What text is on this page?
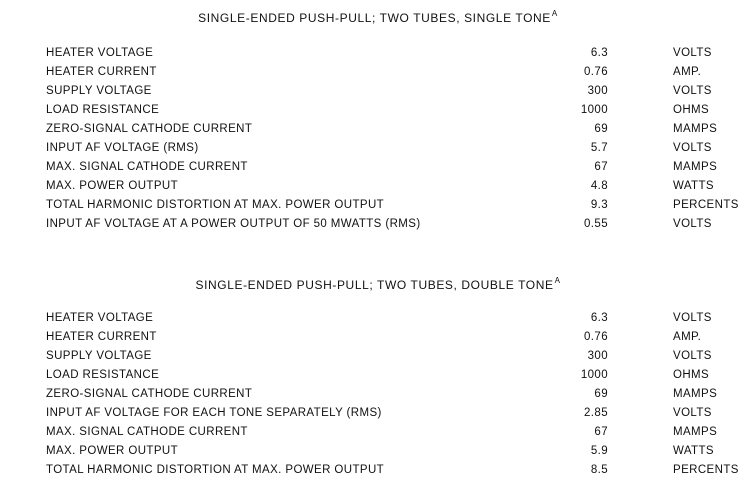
SINGLE-ENDED PUSH-PULL; TWO TUBES, SINGLE $TONE^A$
HEATER VOLTAGE	6.3	VOLTS
HEATER CURRENT	0.76	AMP.
SUPPLY VOLTAGE	300	VOLTS
LOAD RESISTANCE	1000	OHMS
ZERO-SIGNAL CATHODE CURRENT	69	MAMPS
INPUT AF VOLTAGE (RMS)	5.7	VOLTS
MAX. SIGNAL CATHODE CURRENT	67	MAMPS
MAX. POWER OUTPUT	4.8	WATTS
TOTAL HARMONIC DISTORTION AT MAX. POWER OUTPUT	9.3	PERCENTS
INPUT AF VOLTAGE AT A POWER OUTPUT OF 50 MWATTS (RMS)	0.55	VOLTS
SINGLE-ENDED PUSH-PULL; TWO TUBES, DOUBLE $TONE^A$
HEATER VOLTAGE	6.3	VOLTS
HEATER CURRENT	0.76	AMP.
SUPPLY VOLTAGE	300	VOLTS
LOAD RESISTANCE	1000	OHMS
ZERO-SIGNAL CATHODE CURRENT	69	MAMPS
INPUT AF VOLTAGE FOR EACH TONE SEPARATELY (RMS)	2.85	VOLTS
MAX. SIGNAL CATHODE CURRENT	67	MAMPS
MAX. POWER OUTPUT	5.9	WATTS
TOTAL HARMONIC DISTORTION AT MAX. POWER OUTPUT	8.5	PERCENTS
